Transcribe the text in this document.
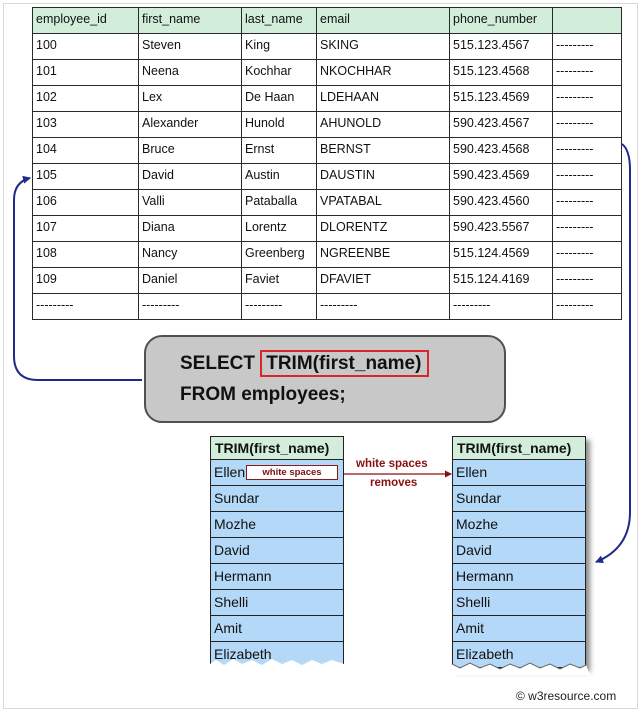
employee_id	first_name	last_name	email	phone_number	
100	Steven	King	SKING	515.123.4567	---------
101	Neena	Kochhar	NKOCHHAR	515.123.4568	---------
102	Lex	De Haan	LDEHAAN	515.123.4569	---------
103	Alexander	Hunold	AHUNOLD	590.423.4567	---------
104	Bruce	Ernst	BERNST	590.423.4568	---------
105	David	Austin	DAUSTIN	590.423.4569	---------
106	Valli	Pataballa	VPATABAL	590.423.4560	---------
107	Diana	Lorentz	DLORENTZ	590.423.5567	---------
108	Nancy	Greenberg	NGREENBE	515.124.4569	---------
109	Daniel	Faviet	DFAVIET	515.124.4169	---------
---------	---------	---------	---------	---------	---------
SELECT TRIM(first_name)
FROM employees;
TRIM(first_name)
Ellen
Sundar
Mozhe
David
Hermann
Shelli
Amit
Elizabeth
white spaces
TRIM(first_name)
Ellen
Sundar
Mozhe
David
Hermann
Shelli
Amit
Elizabeth
white spaces
removes
© w3resource.com
